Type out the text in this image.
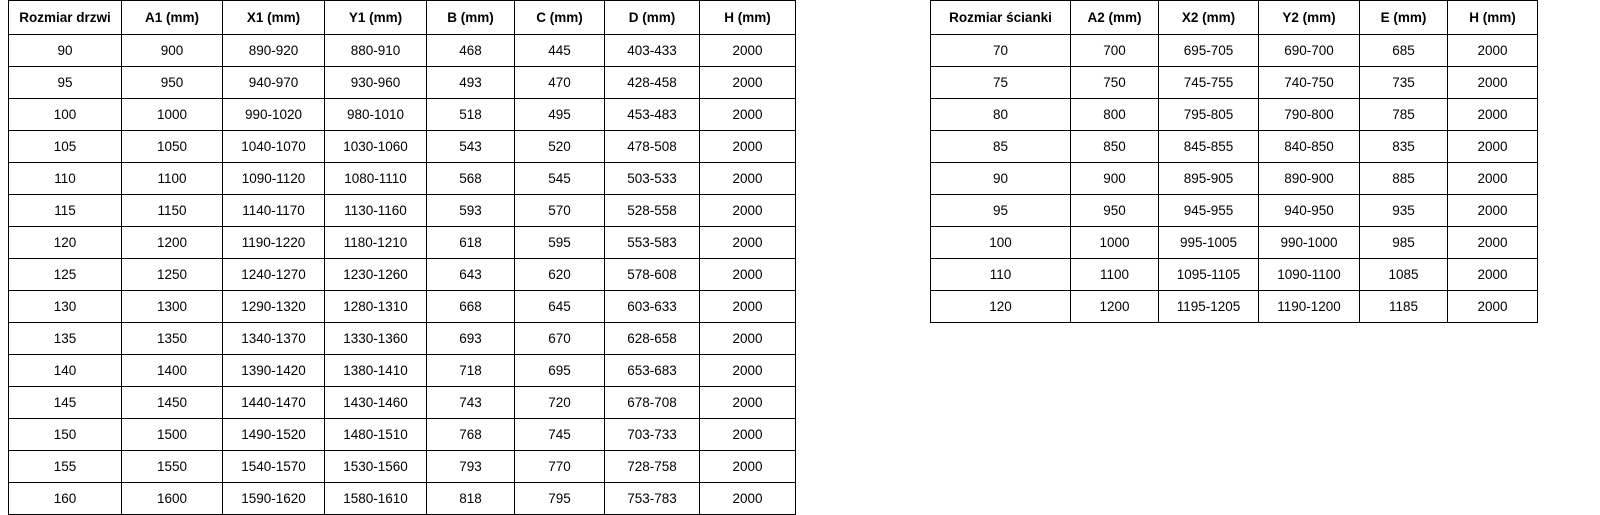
Rozmiar drzwi	A1 (mm)	X1 (mm)	Y1 (mm)	B (mm)	C (mm)	D (mm)	H (mm)
90	900	890-920	880-910	468	445	403-433	2000
95	950	940-970	930-960	493	470	428-458	2000
100	1000	990-1020	980-1010	518	495	453-483	2000
105	1050	1040-1070	1030-1060	543	520	478-508	2000
110	1100	1090-1120	1080-1110	568	545	503-533	2000
115	1150	1140-1170	1130-1160	593	570	528-558	2000
120	1200	1190-1220	1180-1210	618	595	553-583	2000
125	1250	1240-1270	1230-1260	643	620	578-608	2000
130	1300	1290-1320	1280-1310	668	645	603-633	2000
135	1350	1340-1370	1330-1360	693	670	628-658	2000
140	1400	1390-1420	1380-1410	718	695	653-683	2000
145	1450	1440-1470	1430-1460	743	720	678-708	2000
150	1500	1490-1520	1480-1510	768	745	703-733	2000
155	1550	1540-1570	1530-1560	793	770	728-758	2000
160	1600	1590-1620	1580-1610	818	795	753-783	2000
Rozmiar ścianki	A2 (mm)	X2 (mm)	Y2 (mm)	E (mm)	H (mm)
70	700	695-705	690-700	685	2000
75	750	745-755	740-750	735	2000
80	800	795-805	790-800	785	2000
85	850	845-855	840-850	835	2000
90	900	895-905	890-900	885	2000
95	950	945-955	940-950	935	2000
100	1000	995-1005	990-1000	985	2000
110	1100	1095-1105	1090-1100	1085	2000
120	1200	1195-1205	1190-1200	1185	2000
